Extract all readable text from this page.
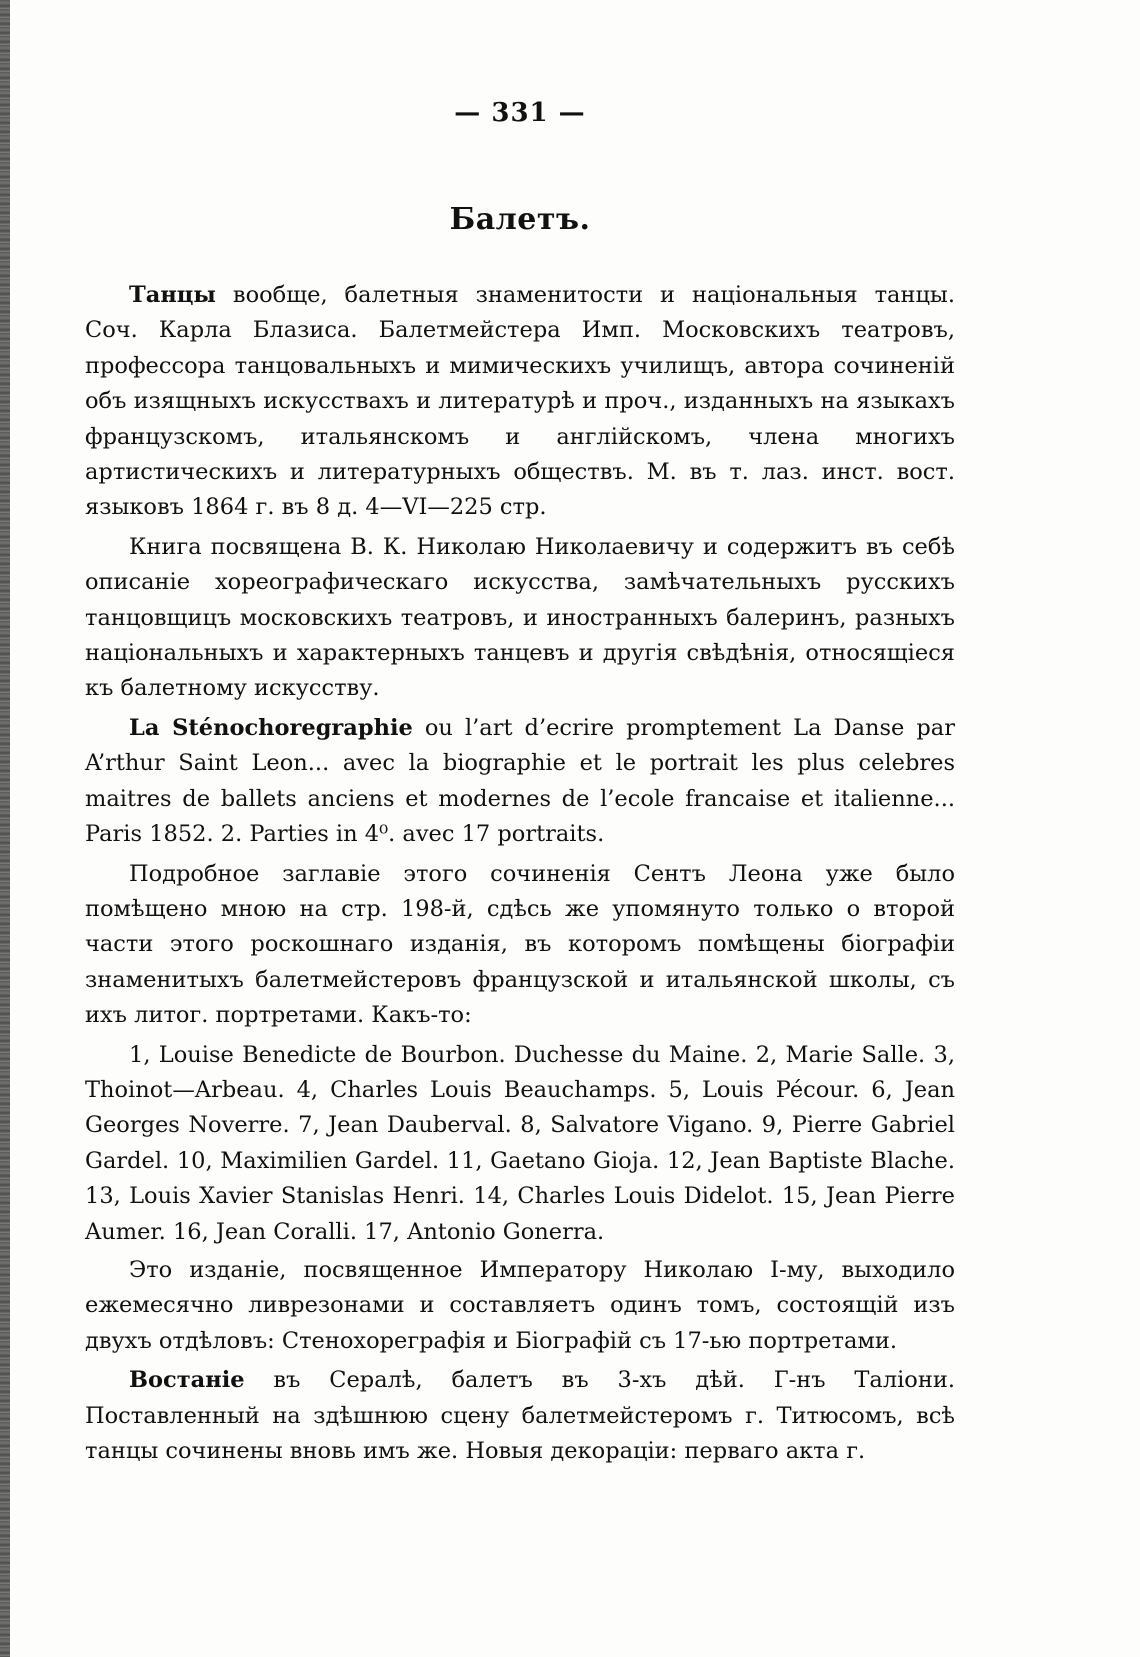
— 331 —
Балетъ.

Танцы вообще, балетныя знаменитости и національныя танцы. Соч. Карла Блазиса. Балетмейстера Имп. Московскихъ театровъ, профессора танцовальныхъ и мимическихъ училищъ, автора сочиненій объ изящныхъ искусствахъ и литературѣ и проч., изданныхъ на языкахъ французскомъ, итальянскомъ и англійскомъ, члена многихъ артистическихъ и литературныхъ обществъ. М. въ т. лаз. инст. вост. языковъ 1864 г. въ 8 д. 4—VI—225 стр.

Книга посвящена В. К. Николаю Николаевичу и содержитъ въ себѣ описаніе хореографическаго искусства, замѣчательныхъ русскихъ танцовщицъ московскихъ театровъ, и иностранныхъ балеринъ, разныхъ національныхъ и характерныхъ танцевъ и другія свѣдѣнія, относящіеся къ балетному искусству.

La Sténochoregraphie ou l’art d’ecrire promptement La Danse par A’rthur Saint Leon... avec la biographie et le portrait les plus celebres maitres de ballets anciens et modernes de l’ecole francaise et italienne... Paris 1852. 2. Parties in 4⁰. avec 17 portraits.

Подробное заглавіе этого сочиненія Сентъ Леона уже было помѣщено мною на стр. 198-й, сдѣсь же упомянуто только о второй части этого роскошнаго изданія, въ которомъ помѣщены біографіи знаменитыхъ балетмейстеровъ французской и итальянской школы, съ ихъ литог. портретами. Какъ-то:

1, Louise Benedicte de Bourbon. Duchesse du Maine. 2, Marie Salle. 3, Thoinot—Arbeau. 4, Charles Louis Beauchamps. 5, Louis Pécour. 6, Jean Georges Noverre. 7, Jean Dauberval. 8, Salvatore Vigano. 9, Pierre Gabriel Gardel. 10, Maximilien Gardel. 11, Gaetano Gioja. 12, Jean Baptiste Blache. 13, Louis Xavier Stanislas Henri. 14, Charles Louis Didelot. 15, Jean Pierre Aumer. 16, Jean Coralli. 17, Antonio Gonerra.

Это изданіе, посвященное Императору Николаю I-му, выходило ежемесячно ливрезонами и составляетъ одинъ томъ, состоящій изъ двухъ отдѣловъ: Стенохореграфія и Біографій съ 17-ью портретами.

Востаніе въ Сералѣ, балетъ въ 3-хъ дѣй. Г-нъ Таліони. Поставленный на здѣшнюю сцену балетмейстеромъ г. Титюсомъ, всѣ танцы сочинены вновь имъ же. Новыя декораціи: перваго акта г.
